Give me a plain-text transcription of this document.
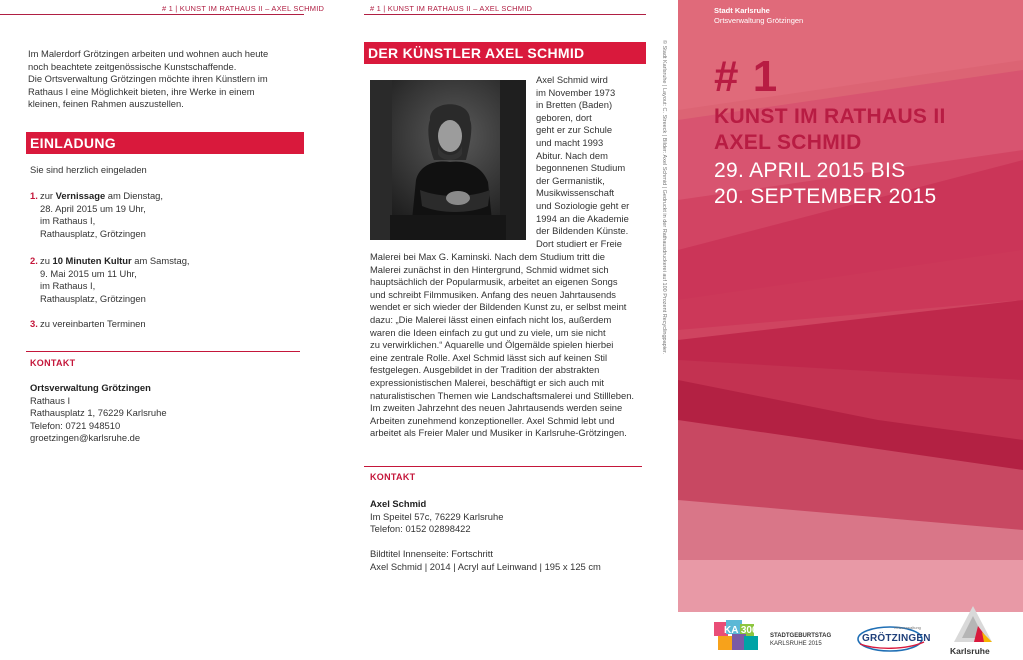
# 1 | KUNST IM RATHAUS II – AXEL SCHMID
Im Malerdorf Grötzingen arbeiten und wohnen auch heute
noch beachtete zeitgenössische Kunstschaffende.
Die Ortsverwaltung Grötzingen möchte ihren Künstlern im
Rathaus I eine Möglichkeit bieten, ihre Werke in einem
kleinen, feinen Rahmen auszustellen.
EINLADUNG
Sie sind herzlich eingeladen
1. zur Vernissage am Dienstag,
28. April 2015 um 19 Uhr,
im Rathaus I,
Rathausplatz, Grötzingen
2. zu 10 Minuten Kultur am Samstag,
9. Mai 2015 um 11 Uhr,
im Rathaus I,
Rathausplatz, Grötzingen
3. zu vereinbarten Terminen
KONTAKT
Ortsverwaltung Grötzingen
Rathaus I
Rathausplatz 1, 76229 Karlsruhe
Telefon: 0721 948510
groetzingen@karlsruhe.de
# 1 | KUNST IM RATHAUS II – AXEL SCHMID
DER KÜNSTLER AXEL SCHMID
Axel Schmid wird
im November 1973
in Bretten (Baden)
geboren, dort
geht er zur Schule
und macht 1993
Abitur. Nach dem
begonnenen Studium
der Germanistik,
Musikwissenschaft
und Soziologie geht er
1994 an die Akademie
der Bildenden Künste.
Dort studiert er Freie
Malerei bei Max G. Kaminski. Nach dem Studium tritt die
Malerei zunächst in den Hintergrund, Schmid widmet sich
hauptsächlich der Popularmusik, arbeitet an eigenen Songs
und schreibt Filmmusiken. Anfang des neuen Jahrtausends
wendet er sich wieder der Bildenden Kunst zu, er selbst meint
dazu: „Die Malerei lässt einen einfach nicht los, außerdem
waren die Ideen einfach zu gut und zu viele, um sie nicht
zu verwirklichen.“ Aquarelle und Ölgemälde spielen hierbei
eine zentrale Rolle. Axel Schmid lässt sich auf keinen Stil
festgelegen. Ausgebildet in der Tradition der abstrakten
expressionistischen Malerei, beschäftigt er sich auch mit
naturalistischen Themen wie Landschaftsmalerei und Stillleben.
Im zweiten Jahrzehnt des neuen Jahrtausends werden seine
Arbeiten zunehmend konzeptioneller. Axel Schmid lebt und
arbeitet als Freier Maler und Musiker in Karlsruhe-Grötzingen.
KONTAKT
Axel Schmid
Im Speitel 57c, 76229 Karlsruhe
Telefon: 0152 02898422
Bildtitel Innenseite: Fortschritt
Axel Schmid | 2014 | Acryl auf Leinwand | 195 x 125 cm
© Stadt Karlsruhe | Layout: C. Streeck | Bilder: Axel Schmid | Gedruckt in der Rathausdruckerei auf 100 Prozent Recyclingpapier.
Stadt Karlsruhe
Ortsverwaltung Grötzingen
# 1
KUNST IM RATHAUS II
AXEL SCHMID
29. APRIL 2015 BIS
20. SEPTEMBER 2015
KA 300 STADTGEBURTSTAG
KARLSRUHE 2015	GRÖTZINGEN
Ortsverwaltung
Karlsruhe
